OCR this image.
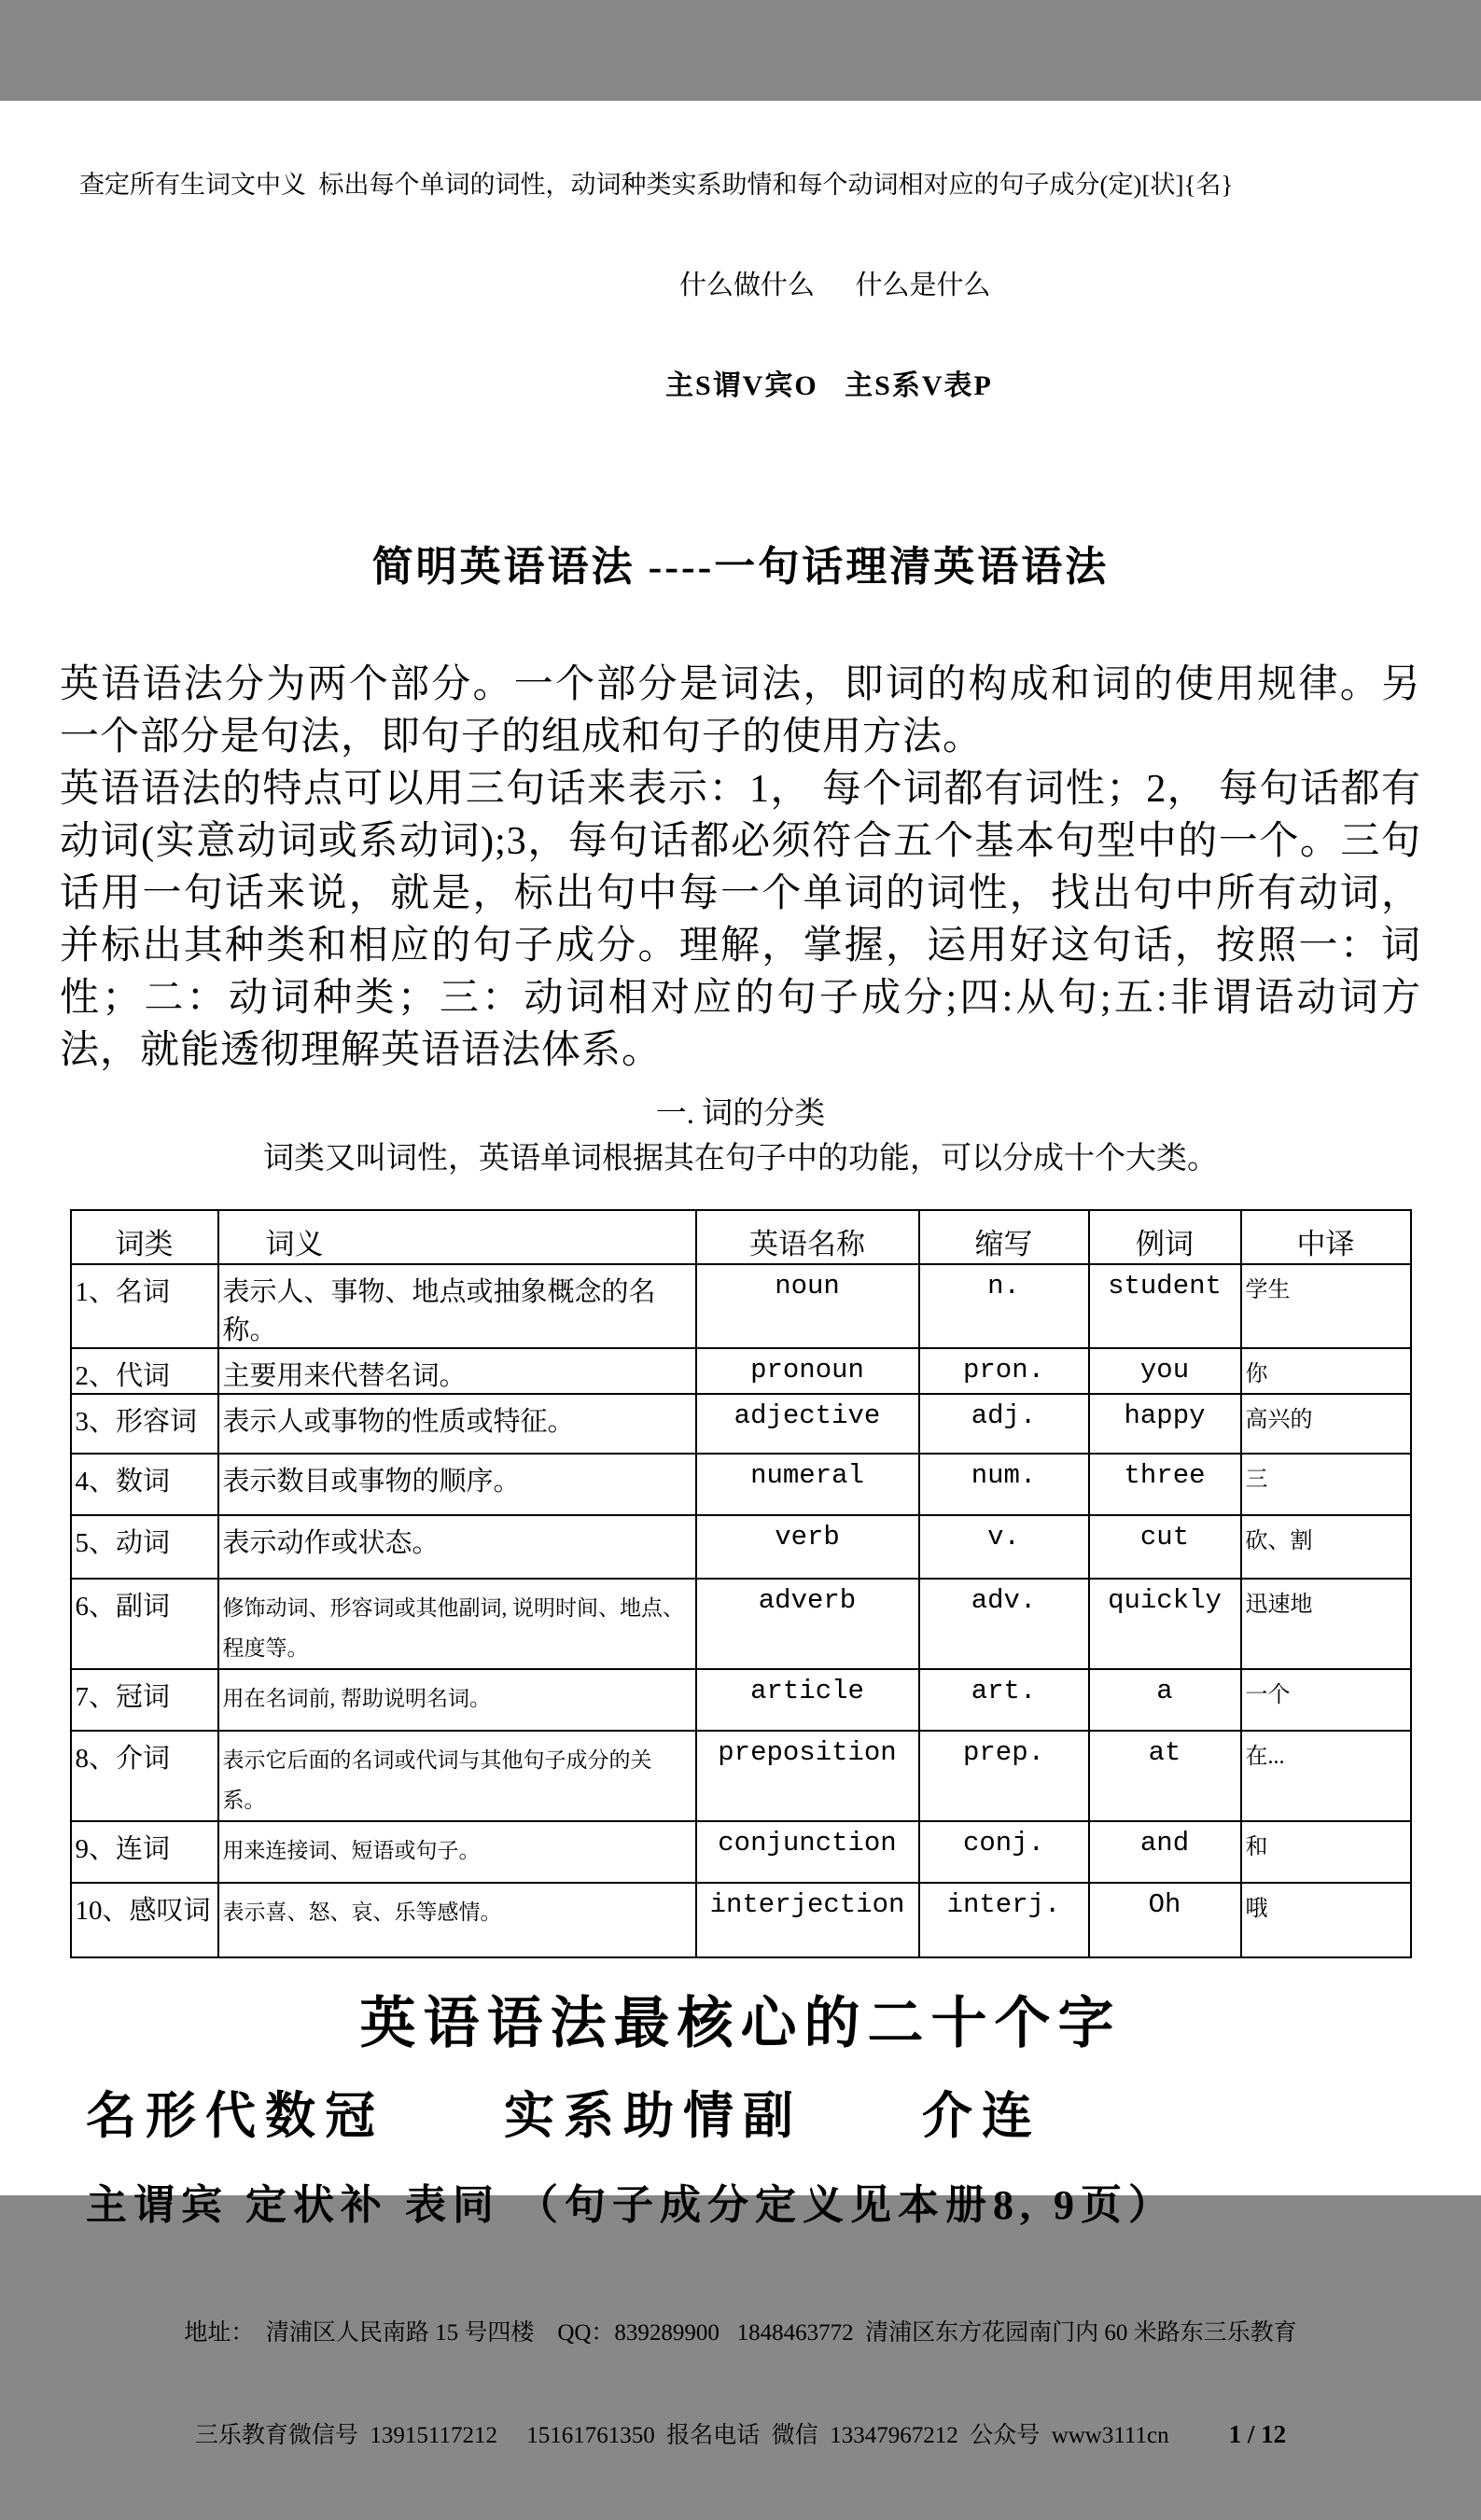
查定所有生词文中义  标出每个单词的词性，动词种类实系助情和每个动词相对应的句子成分(定)[状]{名}

什么做什么      什么是什么

主S谓V宾O   主S系V表P

简明英语语法 ----一句话理清英语语法

英语语法分为两个部分。一个部分是词法，即词的构成和词的使用规律。另一个部分是句法，即句子的组成和句子的使用方法。

英语语法的特点可以用三句话来表示：1， 每个词都有词性；2， 每句话都有动词(实意动词或系动词);3，每句话都必须符合五个基本句型中的一个。三句话用一句话来说，就是，标出句中每一个单词的词性，找出句中所有动词，并标出其种类和相应的句子成分。理解，掌握，运用好这句话，按照一：词性；二：动词种类；三：动词相对应的句子成分;四:从句;五:非谓语动词方法，就能透彻理解英语语法体系。

一. 词的分类
词类又叫词性，英语单词根据其在句子中的功能，可以分成十个大类。
词类	词义	英语名称	缩写	例词	中译
1、名词	表示人、事物、地点或抽象概念的名称。	noun	n.	student	学生
2、代词	主要用来代替名词。	pronoun	pron.	you	你
3、形容词	表示人或事物的性质或特征。	adjective	adj.	happy	高兴的
4、数词	表示数目或事物的顺序。	numeral	num.	three	三
5、动词	表示动作或状态。	verb	v.	cut	砍、割
6、副词	修饰动词、形容词或其他副词, 说明时间、地点、程度等。	adverb	adv.	quickly	迅速地
7、冠词	用在名词前, 帮助说明名词。	article	art.	a	一个
8、介词	表示它后面的名词或代词与其他句子成分的关系。	preposition	prep.	at	在...
9、连词	用来连接词、短语或句子。	conjunction	conj.	and	和
10、感叹词	表示喜、怒、哀、乐等感情。	interjection	interj.	Oh	哦
英语语法最核心的二十个字
名形代数冠　　实系助情副　　介连
主谓宾 定状补 表同 （句子成分定义见本册8, 9页）

地址：  清浦区人民南路 15 号四楼    QQ：839289900   1848463772  清浦区东方花园南门内 60 米路东三乐教育

三乐教育微信号  13915117212     15161761350  报名电话  微信  13347967212  公众号  www3111cn 1 / 12
